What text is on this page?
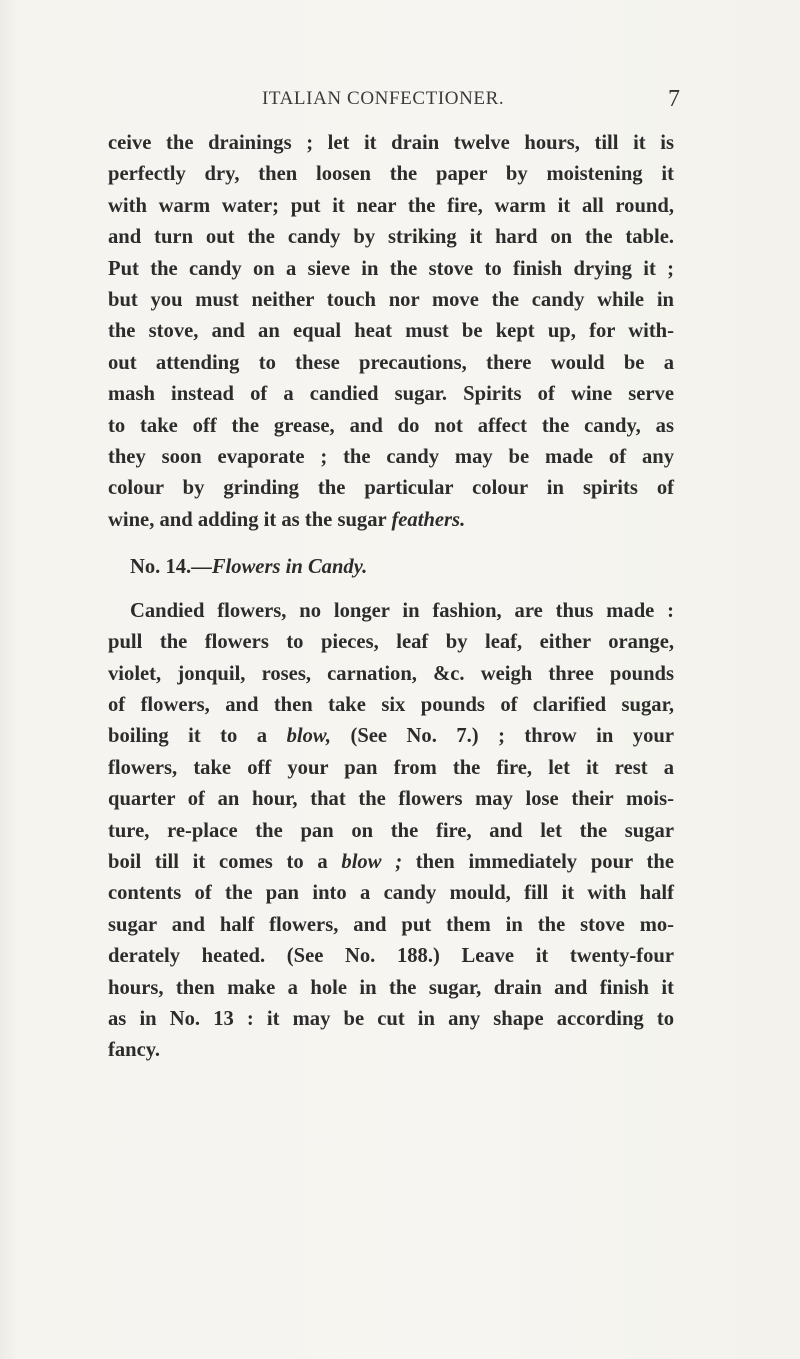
ITALIAN CONFECTIONER.	7
ceive the drainings ; let it drain twelve hours, till it is
perfectly dry, then loosen the paper by moistening it
with warm water; put it near the fire, warm it all round,
and turn out the candy by striking it hard on the table.
Put the candy on a sieve in the stove to finish drying it ;
but you must neither touch nor move the candy while in
the stove, and an equal heat must be kept up, for with-
out attending to these precautions, there would be a
mash instead of a candied sugar. Spirits of wine serve
to take off the grease, and do not affect the candy, as
they soon evaporate ; the candy may be made of any
colour by grinding the particular colour in spirits of
wine, and adding it as the sugar feathers.
No. 14.—Flowers in Candy.
Candied flowers, no longer in fashion, are thus made :
pull the flowers to pieces, leaf by leaf, either orange,
violet, jonquil, roses, carnation, &c. weigh three pounds
of flowers, and then take six pounds of clarified sugar,
boiling it to a blow, (See No. 7.) ; throw in your
flowers, take off your pan from the fire, let it rest a
quarter of an hour, that the flowers may lose their mois-
ture, re-place the pan on the fire, and let the sugar
boil till it comes to a blow ; then immediately pour the
contents of the pan into a candy mould, fill it with half
sugar and half flowers, and put them in the stove mo-
derately heated. (See No. 188.) Leave it twenty-four
hours, then make a hole in the sugar, drain and finish it
as in No. 13 : it may be cut in any shape according to
fancy.
